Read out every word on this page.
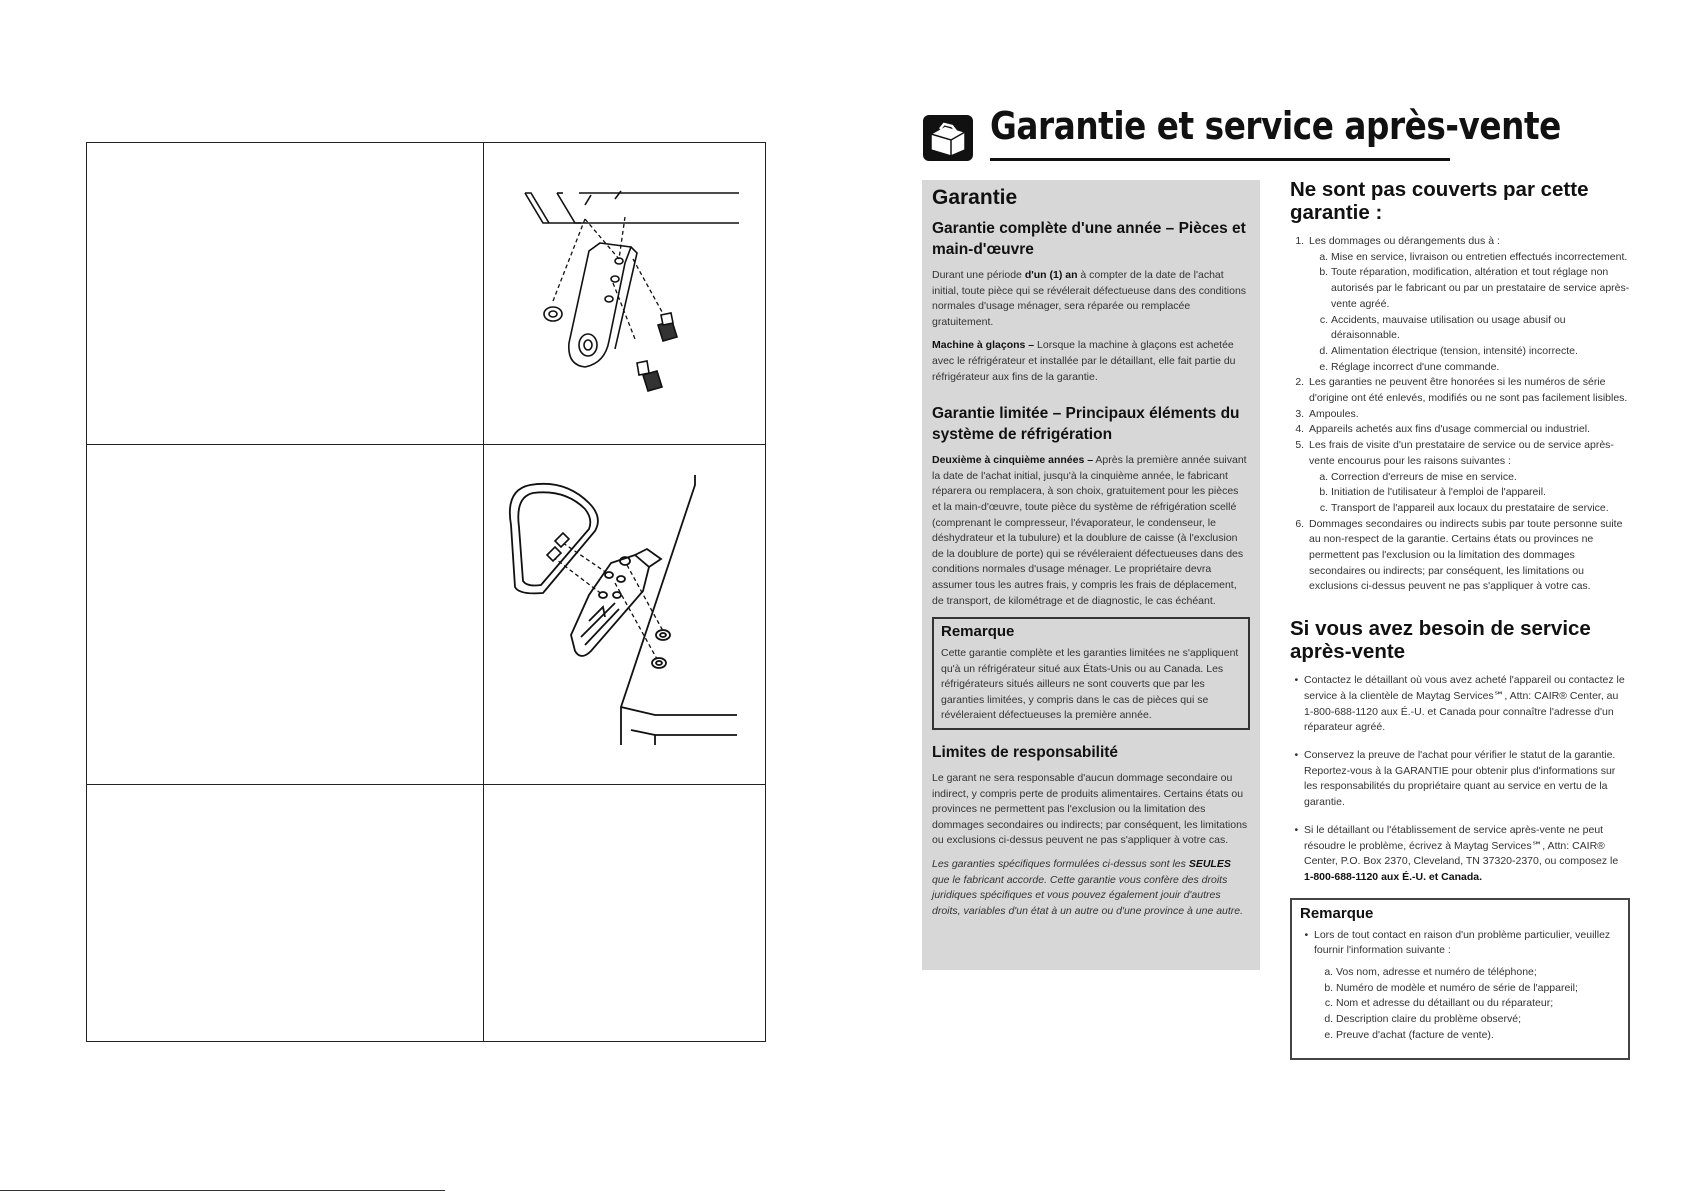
Garantie et service après-vente
Garantie
Garantie complète d'une année – Pièces et main-d'œuvre

Durant une période d'un (1) an à compter de la date de l'achat initial, toute pièce qui se révélerait défectueuse dans des conditions normales d'usage ménager, sera réparée ou remplacée gratuitement.

Machine à glaçons – Lorsque la machine à glaçons est achetée avec le réfrigérateur et installée par le détaillant, elle fait partie du réfrigérateur aux fins de la garantie.

Garantie limitée – Principaux éléments du système de réfrigération

Deuxième à cinquième années – Après la première année suivant la date de l'achat initial, jusqu'à la cinquième année, le fabricant réparera ou remplacera, à son choix, gratuitement pour les pièces et la main-d'œuvre, toute pièce du système de réfrigération scellé (comprenant le compresseur, l'évaporateur, le condenseur, le déshydrateur et la tubulure) et la doublure de caisse (à l'exclusion de la doublure de porte) qui se révéleraient défectueuses dans des conditions normales d'usage ménager. Le propriétaire devra assumer tous les autres frais, y compris les frais de déplacement, de transport, de kilométrage et de diagnostic, le cas échéant.

Remarque

Cette garantie complète et les garanties limitées ne s'appliquent qu'à un réfrigérateur situé aux États-Unis ou au Canada. Les réfrigérateurs situés ailleurs ne sont couverts que par les garanties limitées, y compris dans le cas de pièces qui se révéleraient défectueuses la première année.

Limites de responsabilité

Le garant ne sera responsable d'aucun dommage secondaire ou indirect, y compris perte de produits alimentaires. Certains états ou provinces ne permettent pas l'exclusion ou la limitation des dommages secondaires ou indirects; par conséquent, les limitations ou exclusions ci-dessus peuvent ne pas s'appliquer à votre cas.

Les garanties spécifiques formulées ci-dessus sont les SEULES que le fabricant accorde. Cette garantie vous confère des droits juridiques spécifiques et vous pouvez également jouir d'autres droits, variables d'un état à un autre ou d'une province à une autre.

Ne sont pas couverts par cette garantie :
1. Les dommages ou dérangements dus à :
a. Mise en service, livraison ou entretien effectués incorrectement.
b. Toute réparation, modification, altération et tout réglage non autorisés par le fabricant ou par un prestataire de service après-vente agréé.
c. Accidents, mauvaise utilisation ou usage abusif ou déraisonnable.
d. Alimentation électrique (tension, intensité) incorrecte.
e. Réglage incorrect d'une commande.
2. Les garanties ne peuvent être honorées si les numéros de série d'origine ont été enlevés, modifiés ou ne sont pas facilement lisibles.
3. Ampoules.
4. Appareils achetés aux fins d'usage commercial ou industriel.
5. Les frais de visite d'un prestataire de service ou de service après-vente encourus pour les raisons suivantes :
a. Correction d'erreurs de mise en service.
b. Initiation de l'utilisateur à l'emploi de l'appareil.
c. Transport de l'appareil aux locaux du prestataire de service.
6. Dommages secondaires ou indirects subis par toute personne suite au non-respect de la garantie. Certains états ou provinces ne permettent pas l'exclusion ou la limitation des dommages secondaires ou indirects; par conséquent, les limitations ou exclusions ci-dessus peuvent ne pas s'appliquer à votre cas.
Si vous avez besoin de service après-vente
• Contactez le détaillant où vous avez acheté l'appareil ou contactez le service à la clientèle de Maytag Services℠, Attn: CAIR® Center, au 1-800-688-1120 aux É.-U. et Canada pour connaître l'adresse d'un réparateur agréé.
• Conservez la preuve de l'achat pour vérifier le statut de la garantie. Reportez-vous à la GARANTIE pour obtenir plus d'informations sur les responsabilités du propriétaire quant au service en vertu de la garantie.
• Si le détaillant ou l'établissement de service après-vente ne peut résoudre le problème, écrivez à Maytag Services℠, Attn: CAIR® Center, P.O. Box 2370, Cleveland, TN 37320-2370, ou composez le 1-800-688-1120 aux É.-U. et Canada.
Remarque
• Lors de tout contact en raison d'un problème particulier, veuillez fournir l'information suivante :
a. Vos nom, adresse et numéro de téléphone;
b. Numéro de modèle et numéro de série de l'appareil;
c. Nom et adresse du détaillant ou du réparateur;
d. Description claire du problème observé;
e. Preuve d'achat (facture de vente).
